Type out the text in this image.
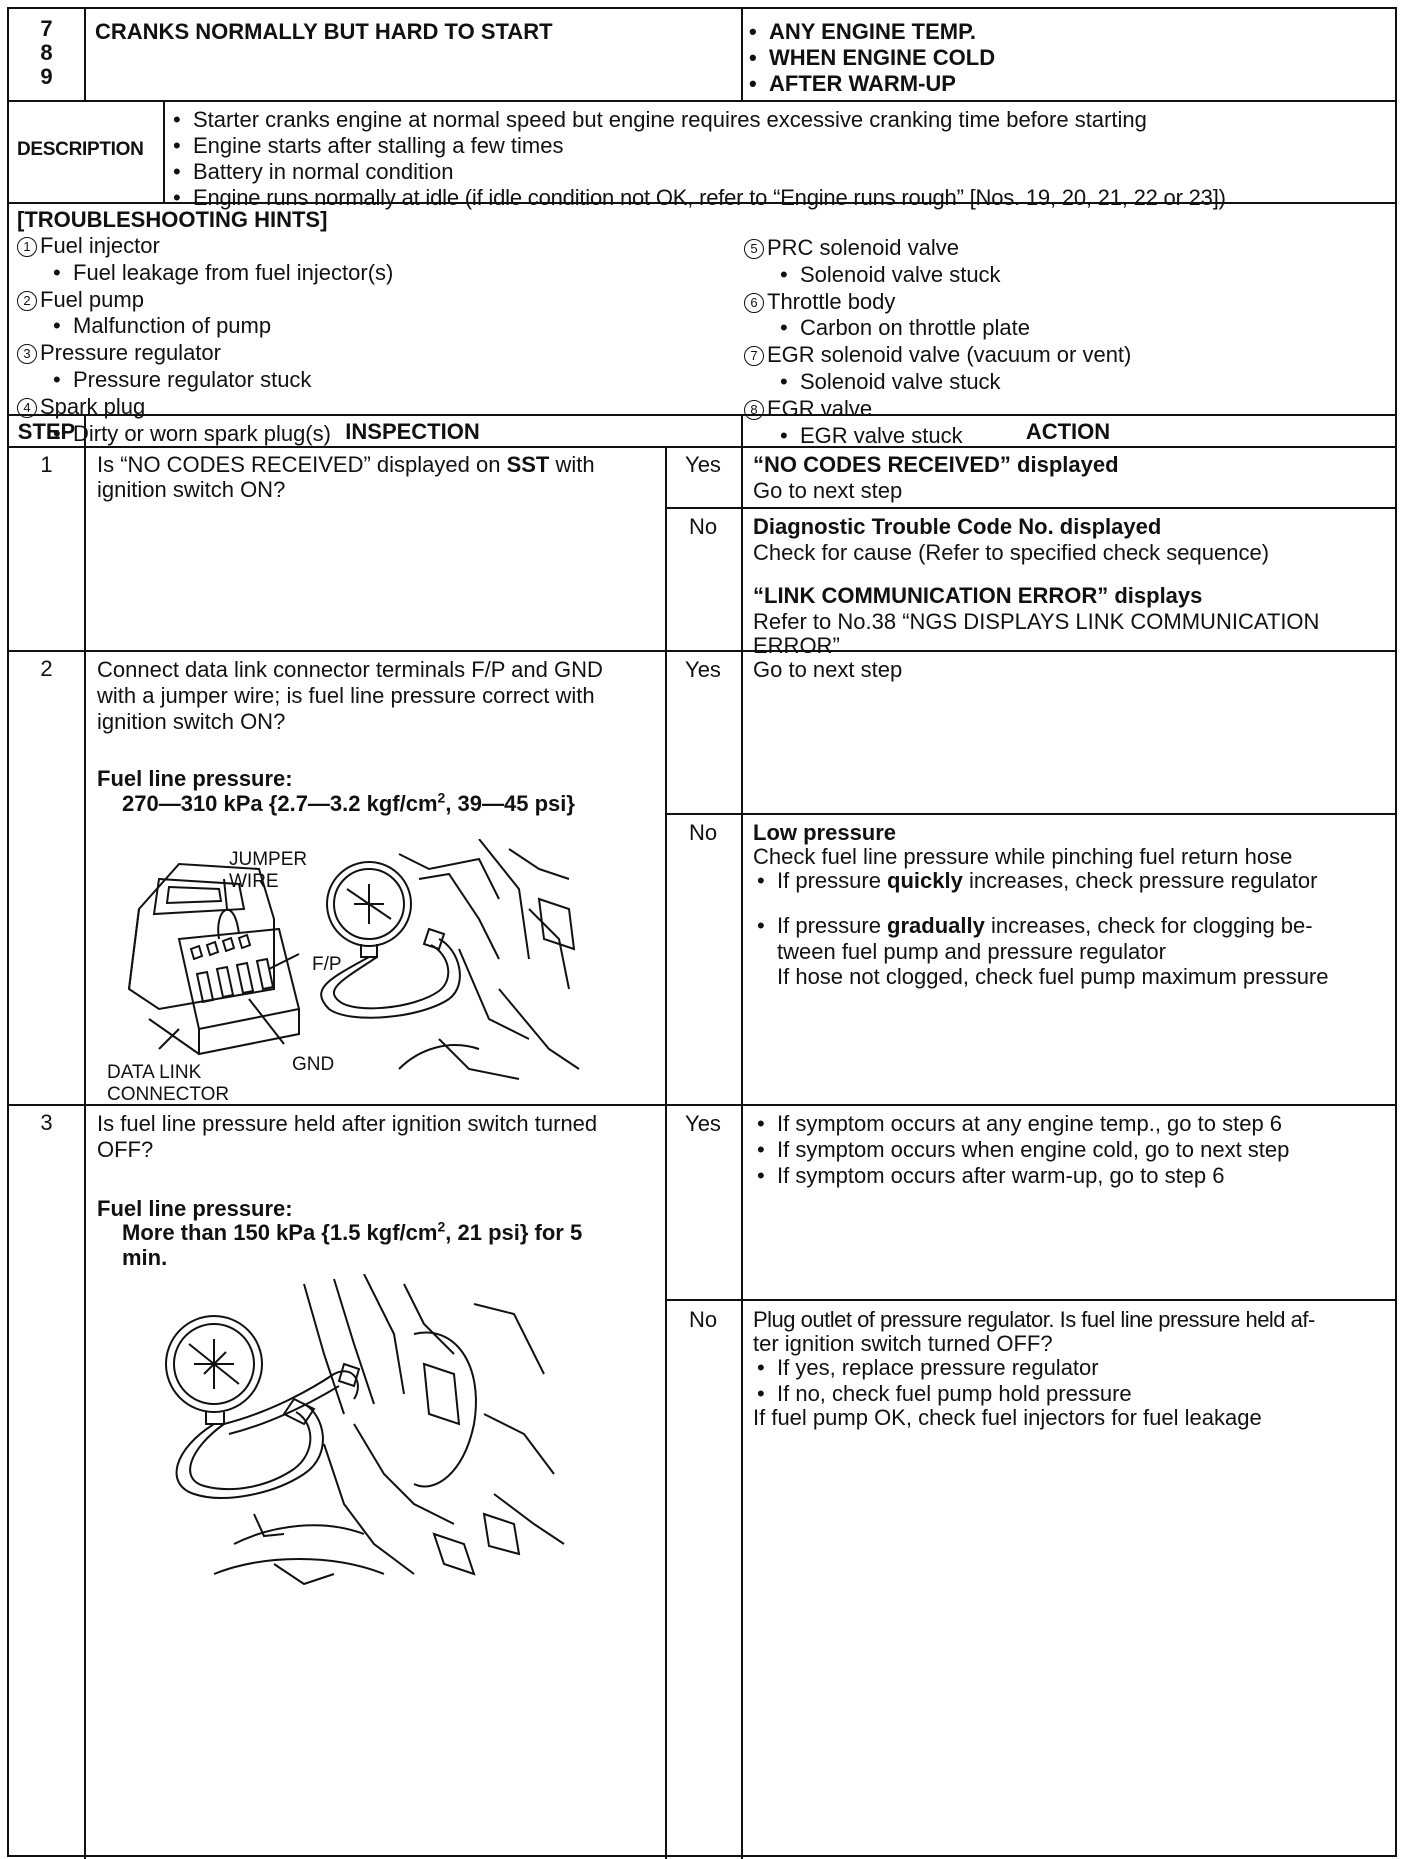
7
8
9
CRANKS NORMALLY BUT HARD TO START	• ANY ENGINE TEMP.
• WHEN ENGINE COLD
• AFTER WARM-UP
DESCRIPTION
• Starter cranks engine at normal speed but engine requires excessive cranking time before starting
• Engine starts after stalling a few times
• Battery in normal condition
• Engine runs normally at idle (if idle condition not OK, refer to “Engine runs rough” [Nos. 19, 20, 21, 22 or 23])
[TROUBLESHOOTING HINTS]
1 Fuel injector
• Fuel leakage from fuel injector(s)
2 Fuel pump
• Malfunction of pump
3 Pressure regulator
• Pressure regulator stuck
4 Spark plug
• Dirty or worn spark plug(s)
5 PRC solenoid valve
• Solenoid valve stuck
6 Throttle body
• Carbon on throttle plate
7 EGR solenoid valve (vacuum or vent)
• Solenoid valve stuck
8 EGR valve
• EGR valve stuck
STEP	INSPECTION	ACTION
1	Is “NO CODES RECEIVED” displayed on SST with
ignition switch ON?
Yes	“NO CODES RECEIVED” displayed
Go to next step
No	Diagnostic Trouble Code No. displayed
Check for cause (Refer to specified check sequence)
“LINK COMMUNICATION ERROR” displays
Refer to No.38 “NGS DISPLAYS LINK COMMUNICATION
ERROR”
2	Connect data link connector terminals F/P and GND
with a jumper wire; is fuel line pressure correct with
ignition switch ON?
Fuel line pressure:
270—310 kPa {2.7—3.2 kgf/$cm^2$, 39—45 psi}
JUMPER
WIRE
F/P
GND
DATA LINK
CONNECTOR
Yes	Go to next step
No	Low pressure
Check fuel line pressure while pinching fuel return hose
• If pressure quickly increases, check pressure regulator
• If pressure gradually increases, check for clogging be-
tween fuel pump and pressure regulator
If hose not clogged, check fuel pump maximum pressure
3	Is fuel line pressure held after ignition switch turned
OFF?
Fuel line pressure:
More than 150 kPa {1.5 kgf/$cm^2$, 21 psi} for 5
min.
Yes	• If symptom occurs at any engine temp., go to step 6
• If symptom occurs when engine cold, go to next step
• If symptom occurs after warm-up, go to step 6
No	Plug outlet of pressure regulator. Is fuel line pressure held af-
ter ignition switch turned OFF?
• If yes, replace pressure regulator
• If no, check fuel pump hold pressure
If fuel pump OK, check fuel injectors for fuel leakage
